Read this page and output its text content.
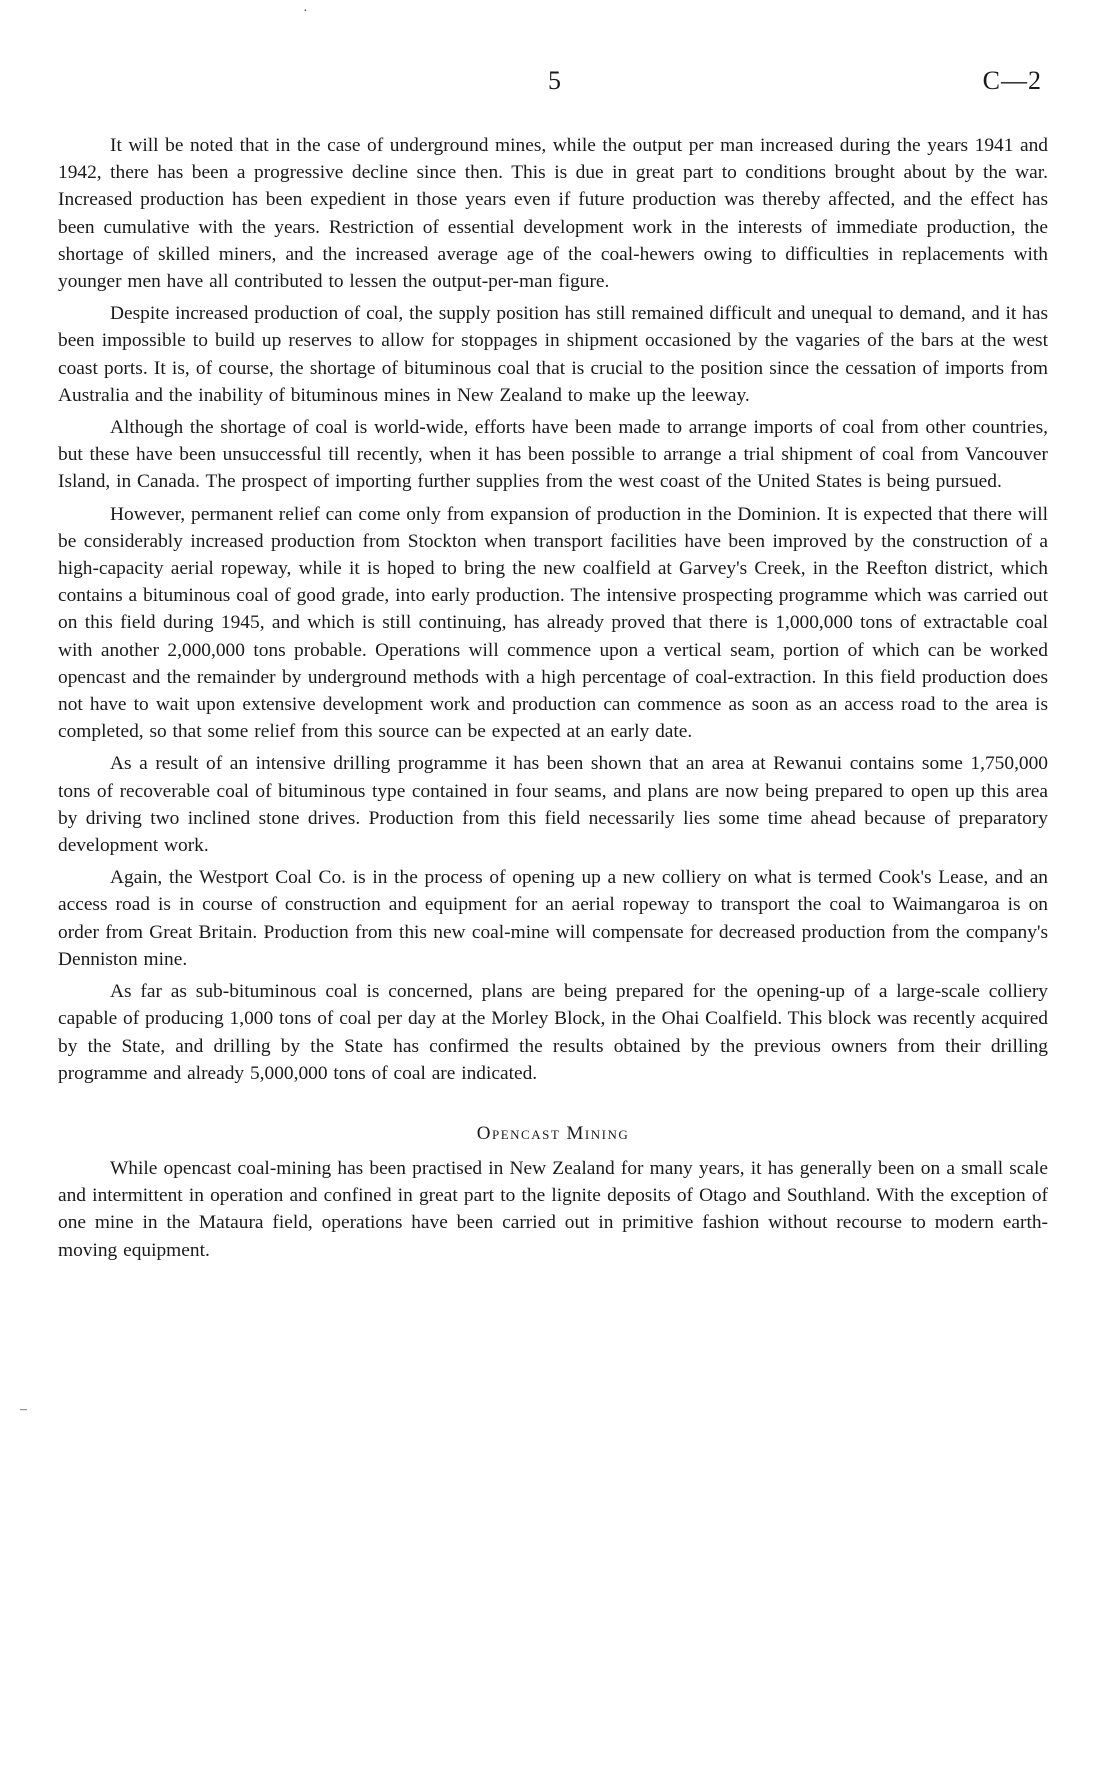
5	C—2
·
‒

It will be noted that in the case of underground mines, while the output per man increased during the years 1941 and 1942, there has been a progressive decline since then. This is due in great part to conditions brought about by the war. Increased production has been expedient in those years even if future production was thereby affected, and the effect has been cumulative with the years. Restriction of essential development work in the interests of immediate production, the shortage of skilled miners, and the increased average age of the coal-hewers owing to difficulties in replacements with younger men have all contributed to lessen the output-per-man figure.

Despite increased production of coal, the supply position has still remained difficult and unequal to demand, and it has been impossible to build up reserves to allow for stoppages in shipment occasioned by the vagaries of the bars at the west coast ports. It is, of course, the shortage of bituminous coal that is crucial to the position since the cessation of imports from Australia and the inability of bituminous mines in New Zealand to make up the leeway.

Although the shortage of coal is world-wide, efforts have been made to arrange imports of coal from other countries, but these have been unsuccessful till recently, when it has been possible to arrange a trial shipment of coal from Vancouver Island, in Canada. The prospect of importing further supplies from the west coast of the United States is being pursued.

However, permanent relief can come only from expansion of production in the Dominion. It is expected that there will be considerably increased production from Stockton when transport facilities have been improved by the construction of a high-capacity aerial ropeway, while it is hoped to bring the new coalfield at Garvey's Creek, in the Reefton district, which contains a bituminous coal of good grade, into early production. The intensive prospecting programme which was carried out on this field during 1945, and which is still continuing, has already proved that there is 1,000,000 tons of extractable coal with another 2,000,000 tons probable. Operations will commence upon a vertical seam, portion of which can be worked opencast and the remainder by underground methods with a high percentage of coal-extraction. In this field production does not have to wait upon extensive development work and production can commence as soon as an access road to the area is completed, so that some relief from this source can be expected at an early date.

As a result of an intensive drilling programme it has been shown that an area at Rewanui contains some 1,750,000 tons of recoverable coal of bituminous type contained in four seams, and plans are now being prepared to open up this area by driving two inclined stone drives. Production from this field necessarily lies some time ahead because of preparatory development work.

Again, the Westport Coal Co. is in the process of opening up a new colliery on what is termed Cook's Lease, and an access road is in course of construction and equipment for an aerial ropeway to transport the coal to Waimangaroa is on order from Great Britain. Production from this new coal-mine will compensate for decreased production from the company's Denniston mine.

As far as sub-bituminous coal is concerned, plans are being prepared for the opening-up of a large-scale colliery capable of producing 1,000 tons of coal per day at the Morley Block, in the Ohai Coalfield. This block was recently acquired by the State, and drilling by the State has confirmed the results obtained by the previous owners from their drilling programme and already 5,000,000 tons of coal are indicated.

Opencast Mining

While opencast coal-mining has been practised in New Zealand for many years, it has generally been on a small scale and intermittent in operation and confined in great part to the lignite deposits of Otago and Southland. With the exception of one mine in the Mataura field, operations have been carried out in primitive fashion without recourse to modern earth-moving equipment.
